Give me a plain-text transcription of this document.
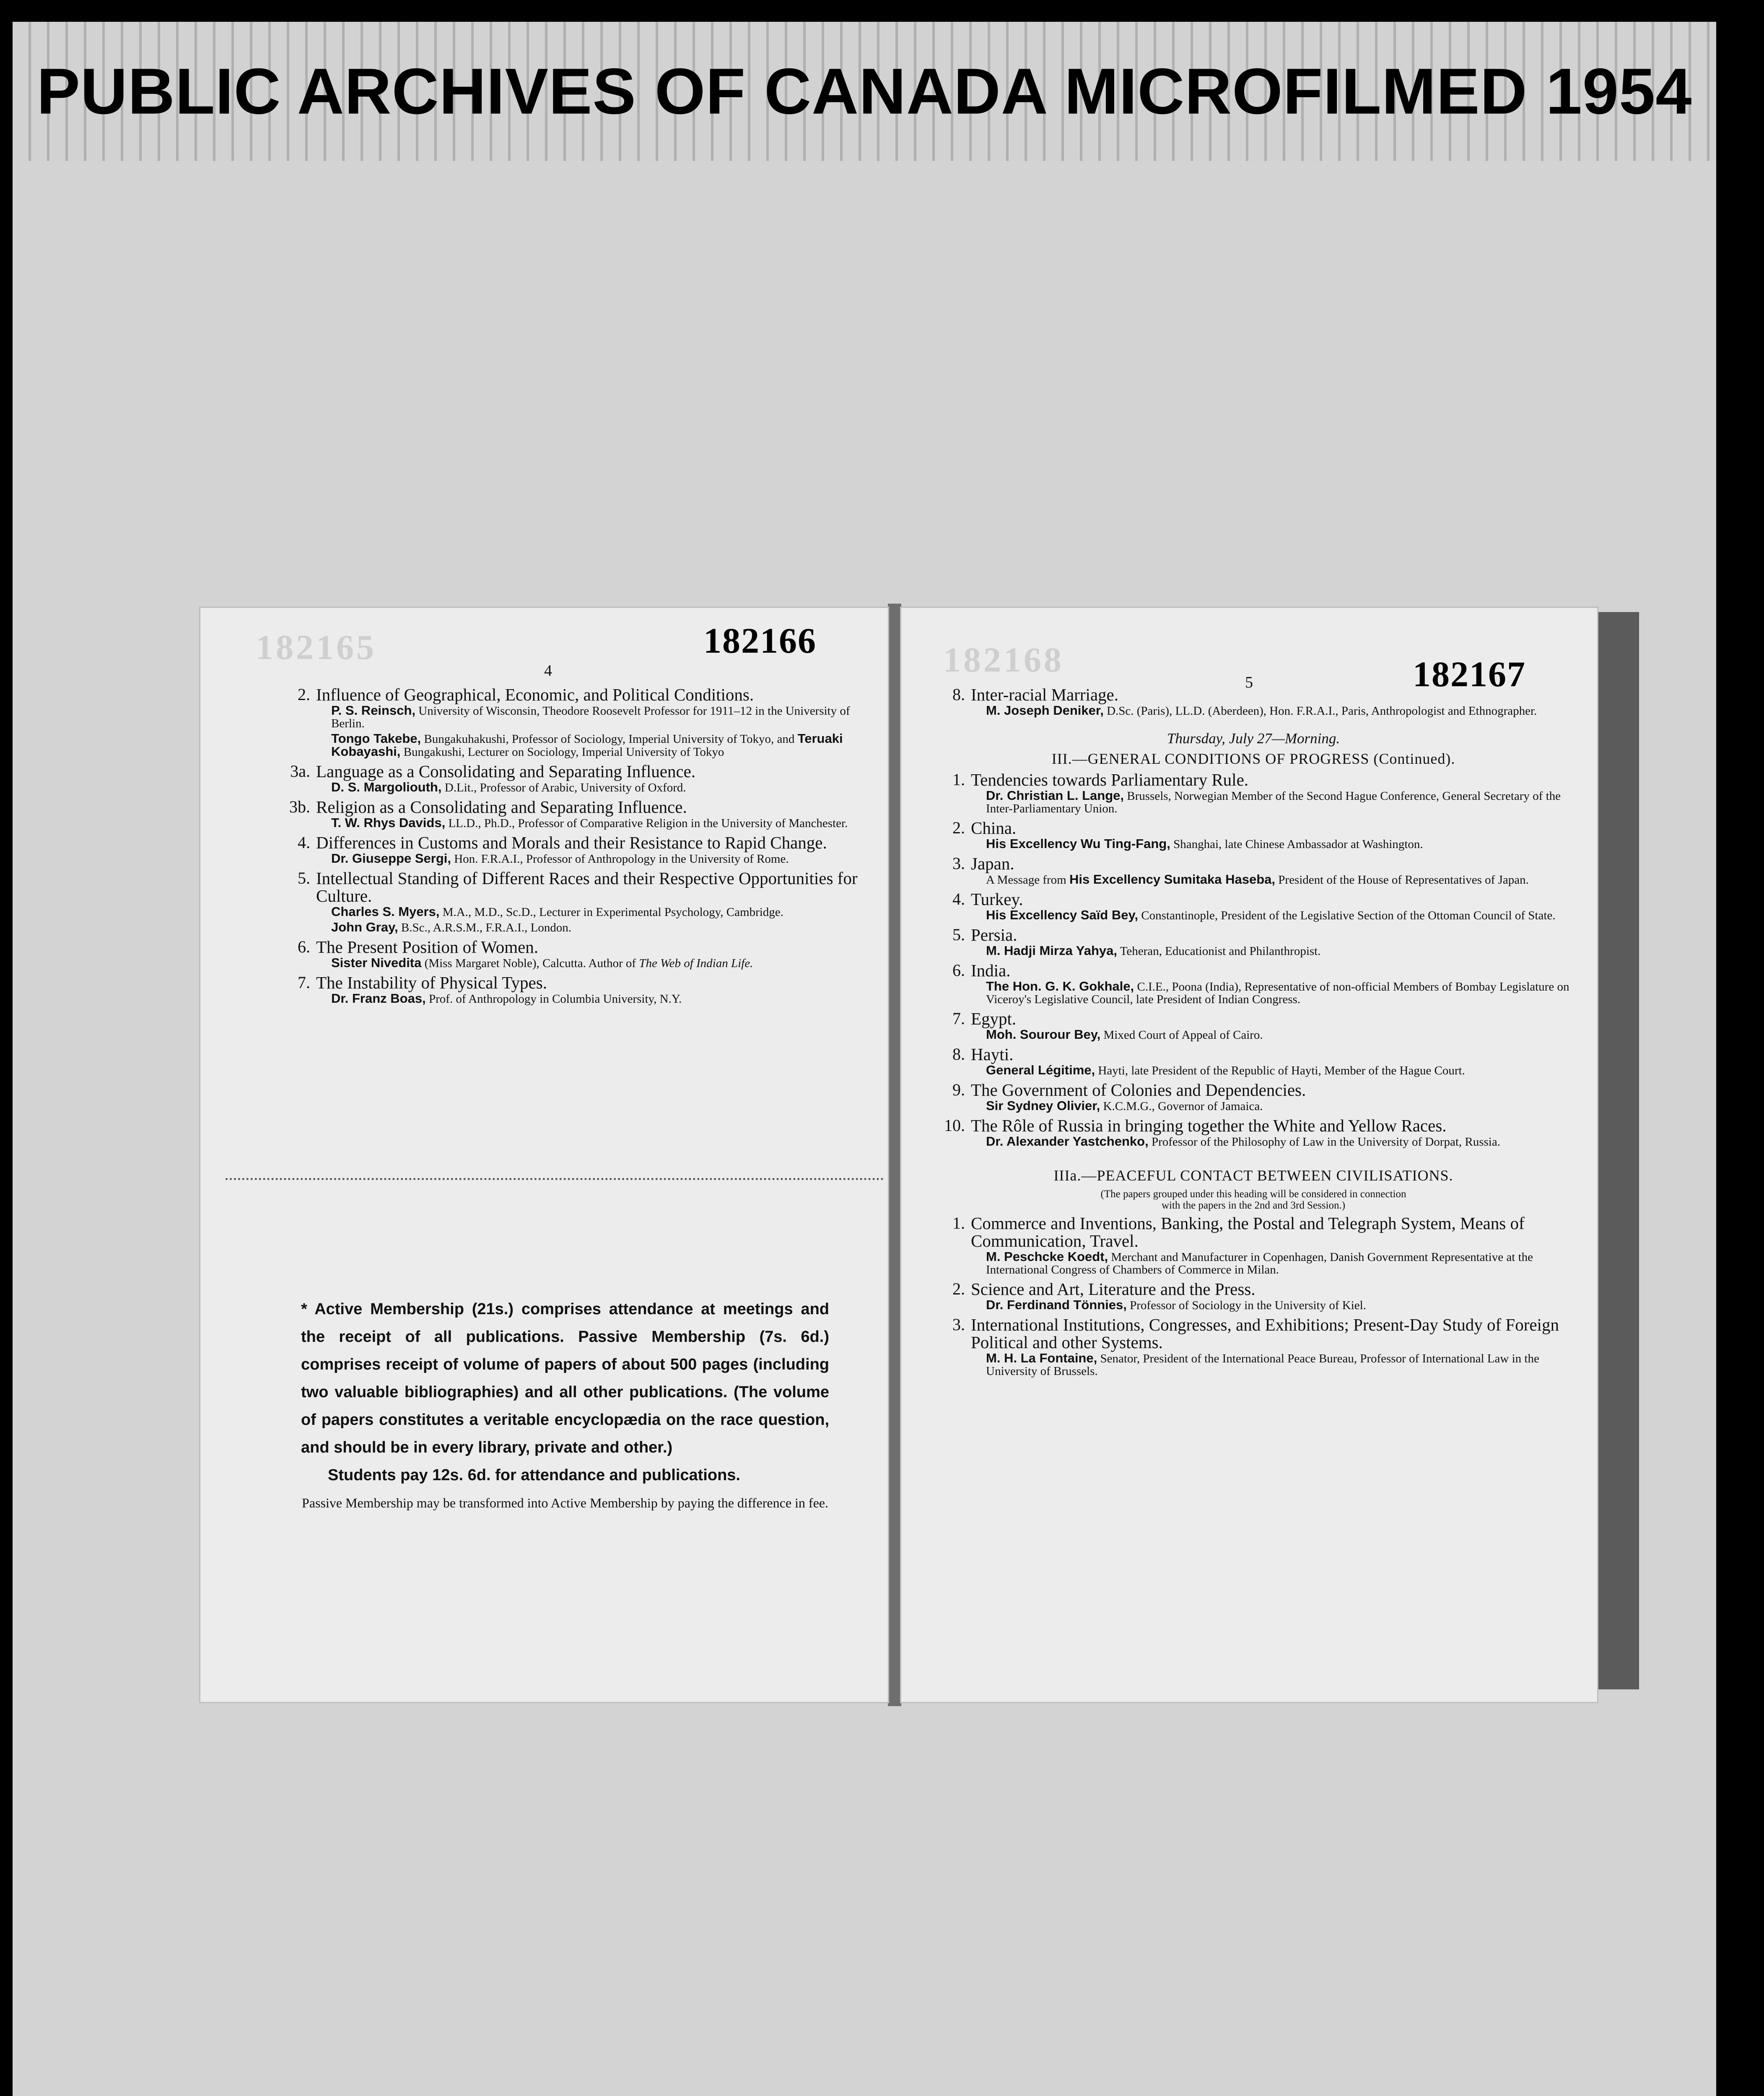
PUBLIC ARCHIVES OF CANADA MICROFILMED 1954
182165	182166
4
2. Influence of Geographical, Economic, and Political Conditions.
P. S. Reinsch, University of Wisconsin, Theodore Roosevelt Professor for 1911–12 in the University of Berlin.
Tongo Takebe, Bungakuhakushi, Professor of Sociology, Imperial University of Tokyo, and Teruaki Kobayashi, Bungakushi, Lecturer on Sociology, Imperial University of Tokyo
3a. Language as a Consolidating and Separating Influence.
D. S. Margoliouth, D.Lit., Professor of Arabic, University of Oxford.
3b. Religion as a Consolidating and Separating Influence.
T. W. Rhys Davids, LL.D., Ph.D., Professor of Comparative Religion in the University of Manchester.
4. Differences in Customs and Morals and their Resistance to Rapid Change.
Dr. Giuseppe Sergi, Hon. F.R.A.I., Professor of Anthropology in the University of Rome.
5. Intellectual Standing of Different Races and their Respective Opportunities for Culture.
Charles S. Myers, M.A., M.D., Sc.D., Lecturer in Experimental Psychology, Cambridge.
John Gray, B.Sc., A.R.S.M., F.R.A.I., London.
6. The Present Position of Women.
Sister Nivedita (Miss Margaret Noble), Calcutta. Author of The Web of Indian Life.
7. The Instability of Physical Types.
Dr. Franz Boas, Prof. of Anthropology in Columbia University, N.Y.
* Active Membership (21s.) comprises attendance at meetings and the receipt of all publications. Passive Membership (7s. 6d.) comprises receipt of volume of papers of about 500 pages (including two valuable bibliographies) and all other publications. (The volume of papers constitutes a veritable encyclopædia on the race question, and should be in every library, private and other.)
Students pay 12s. 6d. for attendance and publications.
Passive Membership may be transformed into Active Membership by paying the difference in fee.
182168	182167
5
8. Inter-racial Marriage.
M. Joseph Deniker, D.Sc. (Paris), LL.D. (Aberdeen), Hon. F.R.A.I., Paris, Anthropologist and Ethnographer.
Thursday, July 27—Morning.
III.—GENERAL CONDITIONS OF PROGRESS (Continued).
1. Tendencies towards Parliamentary Rule.
Dr. Christian L. Lange, Brussels, Norwegian Member of the Second Hague Conference, General Secretary of the Inter-Parliamentary Union.
2. China.
His Excellency Wu Ting-Fang, Shanghai, late Chinese Ambassador at Washington.
3. Japan.
A Message from His Excellency Sumitaka Haseba, President of the House of Representatives of Japan.
4. Turkey.
His Excellency Saïd Bey, Constantinople, President of the Legislative Section of the Ottoman Council of State.
5. Persia.
M. Hadji Mirza Yahya, Teheran, Educationist and Philanthropist.
6. India.
The Hon. G. K. Gokhale, C.I.E., Poona (India), Representative of non-official Members of Bombay Legislature on Viceroy's Legislative Council, late President of Indian Congress.
7. Egypt.
Moh. Sourour Bey, Mixed Court of Appeal of Cairo.
8. Hayti.
General Légitime, Hayti, late President of the Republic of Hayti, Member of the Hague Court.
9. The Government of Colonies and Dependencies.
Sir Sydney Olivier, K.C.M.G., Governor of Jamaica.
10. The Rôle of Russia in bringing together the White and Yellow Races.
Dr. Alexander Yastchenko, Professor of the Philosophy of Law in the University of Dorpat, Russia.
IIIa.—PEACEFUL CONTACT BETWEEN CIVILISATIONS.
(The papers grouped under this heading will be considered in connection with the papers in the 2nd and 3rd Session.)
1. Commerce and Inventions, Banking, the Postal and Telegraph System, Means of Communication, Travel.
M. Peschcke Koedt, Merchant and Manufacturer in Copenhagen, Danish Government Representative at the International Congress of Chambers of Commerce in Milan.
2. Science and Art, Literature and the Press.
Dr. Ferdinand Tönnies, Professor of Sociology in the University of Kiel.
3. International Institutions, Congresses, and Exhibitions; Present-Day Study of Foreign Political and other Systems.
M. H. La Fontaine, Senator, President of the International Peace Bureau, Professor of International Law in the University of Brussels.
